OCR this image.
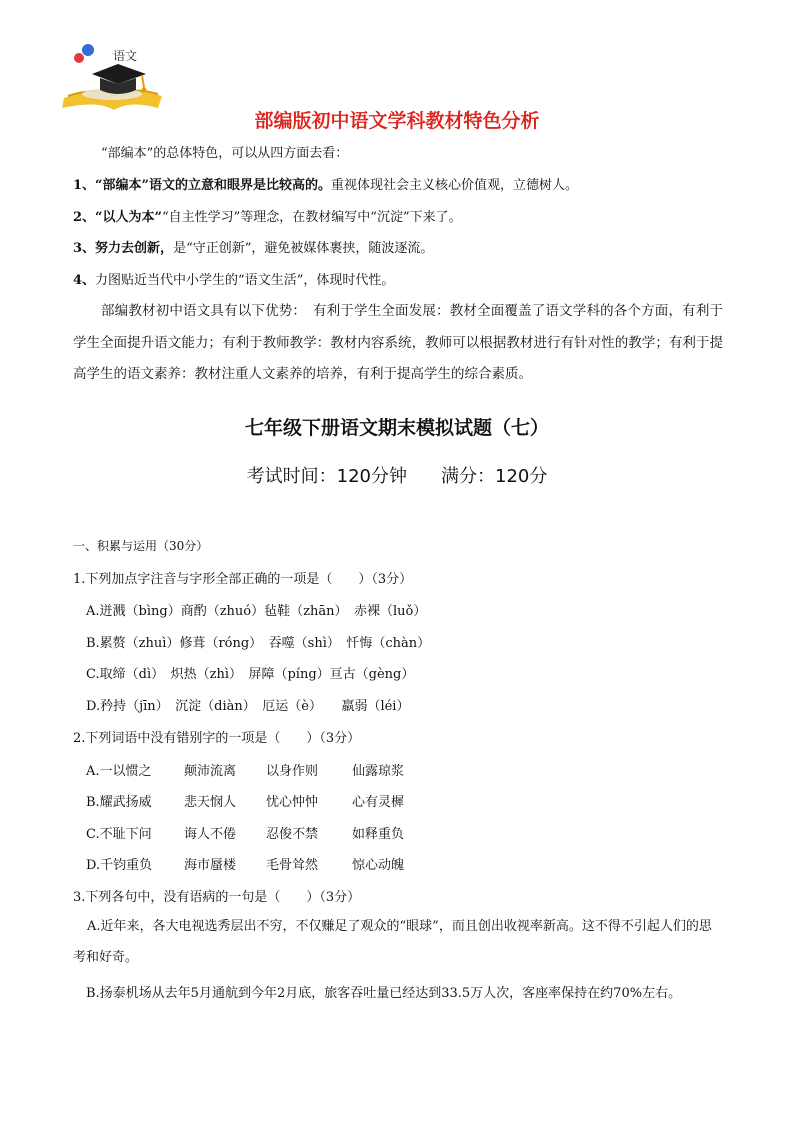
语文
部编版初中语文学科教材特色分析
“部编本”的总体特色，可以从四方面去看：
1、“部编本”语文的立意和眼界是比较高的。重视体现社会主义核心价值观，立德树人。
2、“以人为本”“自主性学习”等理念，在教材编写中“沉淀”下来了。
3、努力去创新，是“守正创新”，避免被媒体裹挟，随波逐流。
4、力图贴近当代中小学生的“语文生活”，体现时代性。
部编教材初中语文具有以下优势：　有利于学生全面发展：教材全面覆盖了语文学科的各个方面，有利于学生全面提升语文能力；有利于教师教学：教材内容系统，教师可以根据教材进行有针对性的教学；有利于提高学生的语文素养：教材注重人文素养的培养，有利于提高学生的综合素质。
七年级下册语文期末模拟试题（七）
考试时间：120分钟 满分：120分
一、积累与运用（30分）
1.下列加点字注音与字形全部正确的一项是（　　）（3分）
A.迸溅（bìng）商酌（zhuó）毡鞋（zhān）　赤裸（luǒ）
B.累赘（zhuì）修葺（róng）　吞噬（shì）　忏悔（chàn）
C.取缔（dì）　炽热（zhì）　屏障（píng）亘古（gèng）
D.矜持（jīn）　沉淀（diàn）　厄运（è）　　羸弱（léi）
2.下列词语中没有错别字的一项是（　　）（3分）
A.一以惯之 颠沛流离 以身作则	仙露琼浆
B.耀武扬威 悲天悯人 忧心忡忡	心有灵樨
C.不耻下问 诲人不倦 忍俊不禁	如释重负
D.千钧重负 海市蜃楼 毛骨耸然	惊心动魄
3.下列各句中，没有语病的一句是（　　）（3分）
A.近年来，各大电视选秀层出不穷，不仅赚足了观众的“眼球”，而且创出收视率新高。这不得不引起人们的思考和好奇。
B.扬泰机场从去年5月通航到今年2月底，旅客吞吐量已经达到33.5万人次，客座率保持在约70%左右。
